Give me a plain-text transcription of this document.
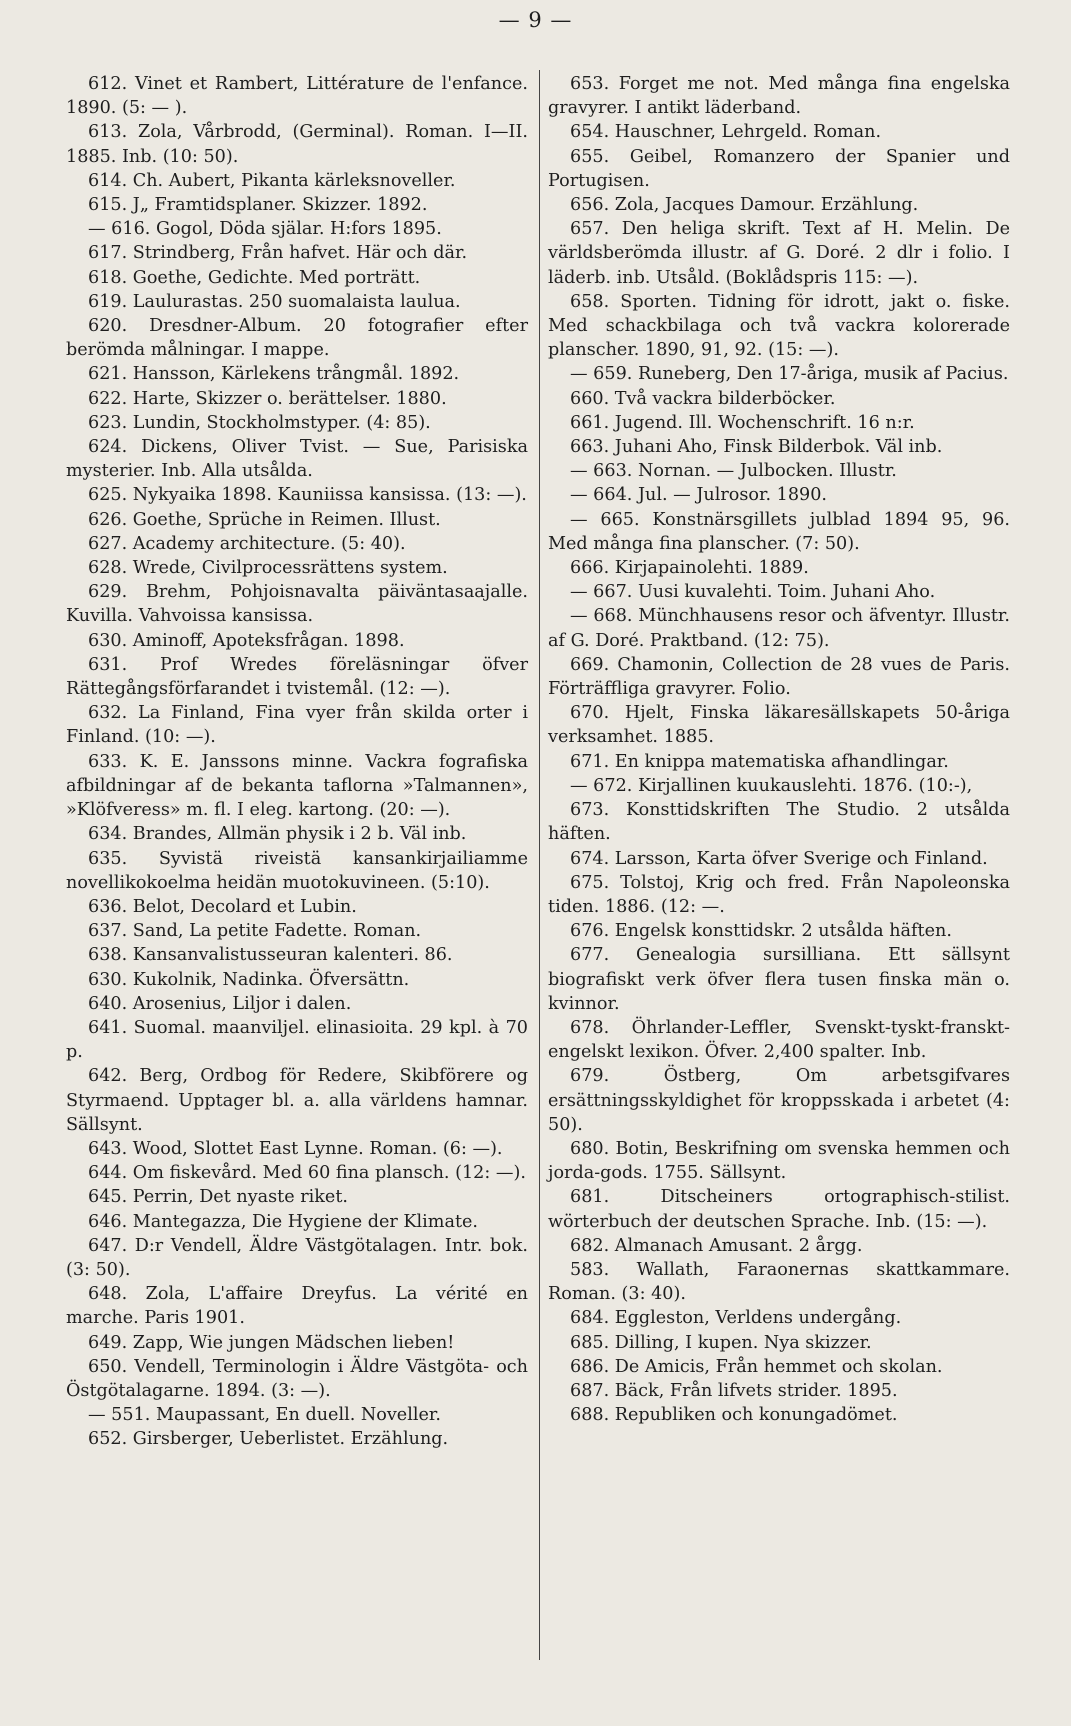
— 9 —

612. Vinet et Rambert, Littérature de l'enfance. 1890. (5: — ).

613. Zola, Vårbrodd, (Germinal). Roman. I—II. 1885. Inb. (10: 50).

614. Ch. Aubert, Pikanta kärleksnoveller.

615. J„ Framtidsplaner. Skizzer. 1892.

— 616. Gogol, Döda själar. H:fors 1895.

617. Strindberg, Från hafvet. Här och där.

618. Goethe, Gedichte. Med porträtt.

619. Laulurastas. 250 suomalaista laulua.

620. Dresdner-Album. 20 fotografier efter berömda målningar. I mappe.

621. Hansson, Kärlekens trångmål. 1892.

622. Harte, Skizzer o. berättelser. 1880.

623. Lundin, Stockholmstyper. (4: 85).

624. Dickens, Oliver Tvist. — Sue, Parisiska mysterier. Inb. Alla utsålda.

625. Nykyaika 1898. Kauniissa kansissa. (13: —).

626. Goethe, Sprüche in Reimen. Illust.

627. Academy architecture. (5: 40).

628. Wrede, Civilprocessrättens system.

629. Brehm, Pohjoisnavalta päiväntasaajalle. Kuvilla. Vahvoissa kansissa.

630. Aminoff, Apoteksfrågan. 1898.

631. Prof Wredes föreläsningar öfver Rättegångsförfarandet i tvistemål. (12: —).

632. La Finland, Fina vyer från skilda orter i Finland. (10: —).

633. K. E. Janssons minne. Vackra fografiska afbildningar af de bekanta taflorna »Talmannen», »Klöfveress» m. fl. I eleg. kartong. (20: —).

634. Brandes, Allmän physik i 2 b. Väl inb.

635. Syvistä riveistä kansankirjailiamme novellikokoelma heidän muotokuvineen. (5:10).

636. Belot, Decolard et Lubin.

637. Sand, La petite Fadette. Roman.

638. Kansanvalistusseuran kalenteri. 86.

630. Kukolnik, Nadinka. Öfversättn.

640. Arosenius, Liljor i dalen.

641. Suomal. maanviljel. elinasioita. 29 kpl. à 70 p.

642. Berg, Ordbog för Redere, Skibförere og Styrmaend. Upptager bl. a. alla världens hamnar. Sällsynt.

643. Wood, Slottet East Lynne. Roman. (6: —).

644. Om fiskevård. Med 60 fina plansch. (12: —).

645. Perrin, Det nyaste riket.

646. Mantegazza, Die Hygiene der Klimate.

647. D:r Vendell, Äldre Västgötalagen. Intr. bok. (3: 50).

648. Zola, L'affaire Dreyfus. La vérité en marche. Paris 1901.

649. Zapp, Wie jungen Mädschen lieben!

650. Vendell, Terminologin i Äldre Västgöta- och Östgötalagarne. 1894. (3: —).

— 551. Maupassant, En duell. Noveller.

652. Girsberger, Ueberlistet. Erzählung.

653. Forget me not. Med många fina engelska gravyrer. I antikt läderband.

654. Hauschner, Lehrgeld. Roman.

655. Geibel, Romanzero der Spanier und Portugisen.

656. Zola, Jacques Damour. Erzählung.

657. Den heliga skrift. Text af H. Melin. De världsberömda illustr. af G. Doré. 2 dlr i folio. I läderb. inb. Utsåld. (Boklådspris 115: —).

658. Sporten. Tidning för idrott, jakt o. fiske. Med schackbilaga och två vackra kolorerade planscher. 1890, 91, 92. (15: —).

— 659. Runeberg, Den 17-åriga, musik af Pacius.

660. Två vackra bilderböcker.

661. Jugend. Ill. Wochenschrift. 16 n:r.

663. Juhani Aho, Finsk Bilderbok. Väl inb.

— 663. Nornan. — Julbocken. Illustr.

— 664. Jul. — Julrosor. 1890.

— 665. Konstnärsgillets julblad 1894 95, 96. Med många fina planscher. (7: 50).

666. Kirjapainolehti. 1889.

— 667. Uusi kuvalehti. Toim. Juhani Aho.

— 668. Münchhausens resor och äfventyr. Illustr. af G. Doré. Praktband. (12: 75).

669. Chamonin, Collection de 28 vues de Paris. Förträffliga gravyrer. Folio.

670. Hjelt, Finska läkaresällskapets 50-åriga verksamhet. 1885.

671. En knippa matematiska afhandlingar.

— 672. Kirjallinen kuukauslehti. 1876. (10:-),

673. Konsttidskriften The Studio. 2 utsålda häften.

674. Larsson, Karta öfver Sverige och Finland.

675. Tolstoj, Krig och fred. Från Napoleonska tiden. 1886. (12: —.

676. Engelsk konsttidskr. 2 utsålda häften.

677. Genealogia sursilliana. Ett sällsynt biografiskt verk öfver flera tusen finska män o. kvinnor.

678. Öhrlander-Leffler, Svenskt-tyskt-franskt-engelskt lexikon. Öfver. 2,400 spalter. Inb.

679. Östberg, Om arbetsgifvares ersättningsskyldighet för kroppsskada i arbetet (4: 50).

680. Botin, Beskrifning om svenska hemmen och jorda-gods. 1755. Sällsynt.

681. Ditscheiners ortographisch-stilist. wörterbuch der deutschen Sprache. Inb. (15: —).

682. Almanach Amusant. 2 årgg.

583. Wallath, Faraonernas skattkammare. Roman. (3: 40).

684. Eggleston, Verldens undergång.

685. Dilling, I kupen. Nya skizzer.

686. De Amicis, Från hemmet och skolan.

687. Bäck, Från lifvets strider. 1895.

688. Republiken och konungadömet.
